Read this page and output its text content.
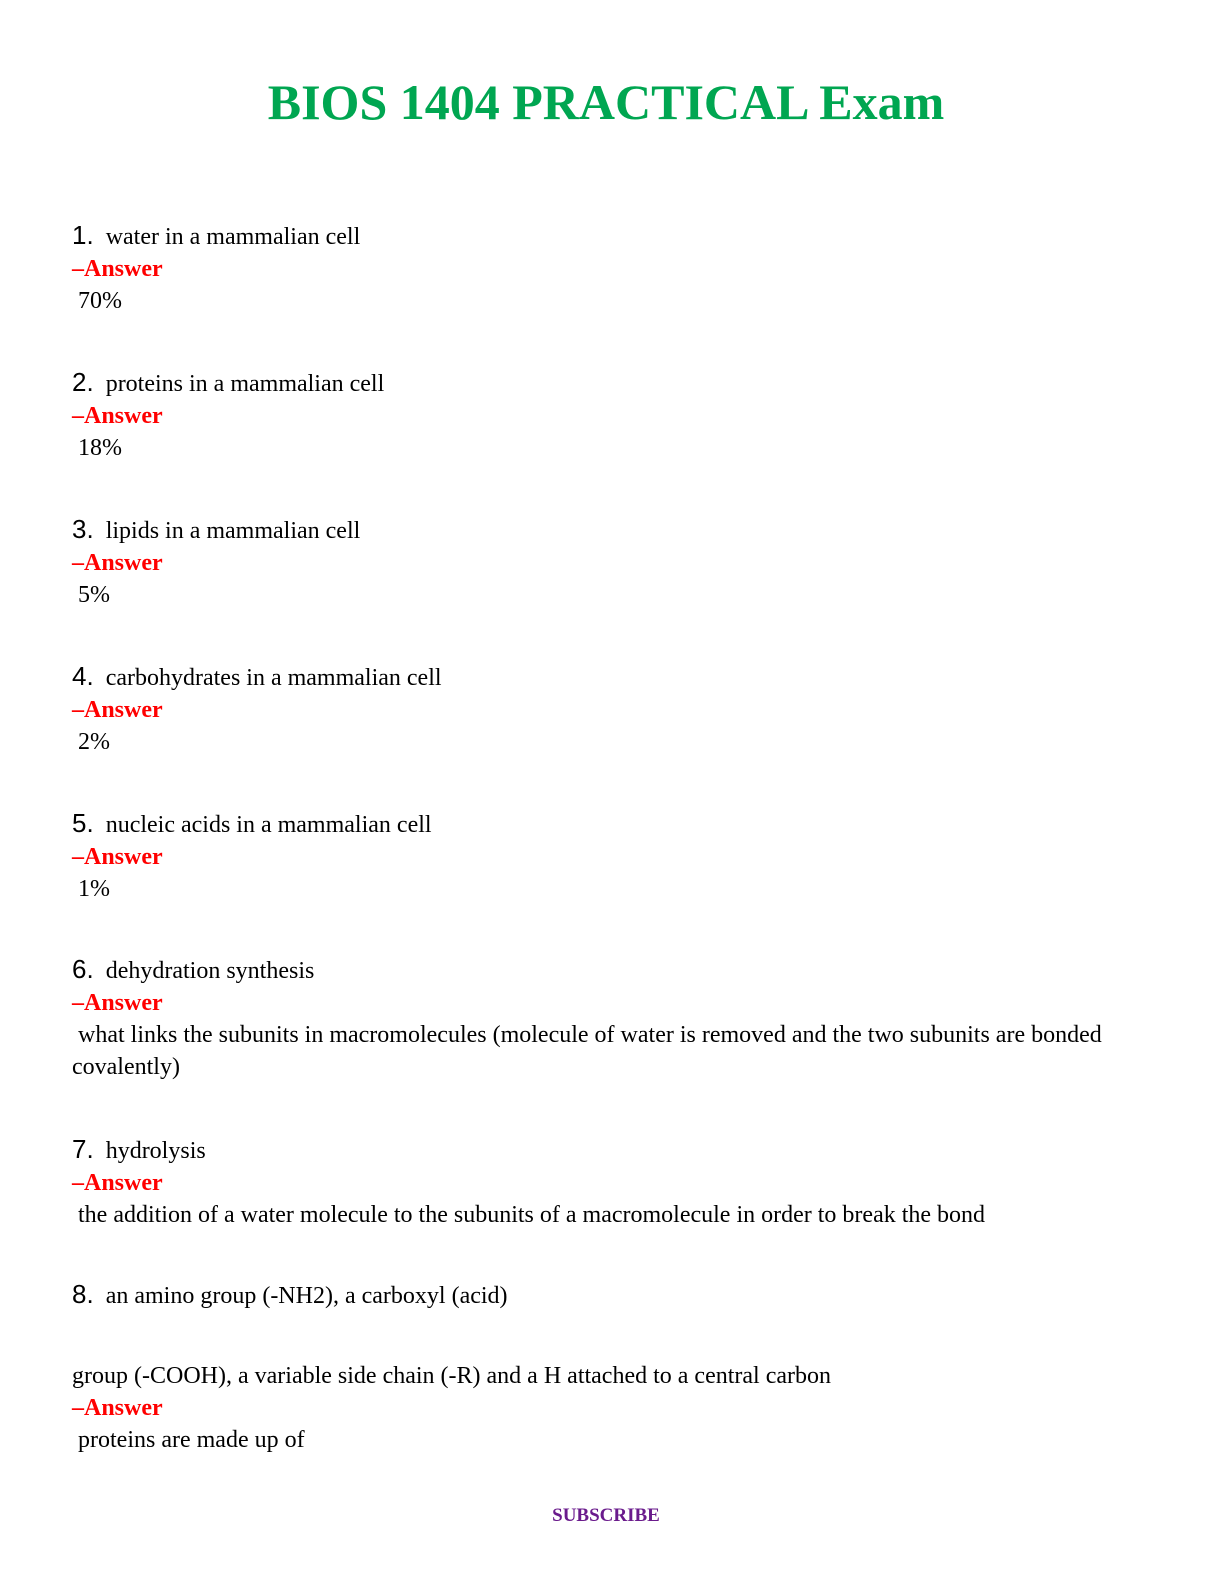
BIOS 1404 PRACTICAL Exam
1. water in a mammalian cell
–Answer
70%
2. proteins in a mammalian cell
–Answer
18%
3. lipids in a mammalian cell
–Answer
5%
4. carbohydrates in a mammalian cell
–Answer
2%
5. nucleic acids in a mammalian cell
–Answer
1%
6. dehydration synthesis
–Answer
what links the subunits in macromolecules (molecule of water is removed and the two subunits are bonded covalently)
7. hydrolysis
–Answer
the addition of a water molecule to the subunits of a macromolecule in order to break the bond
8. an amino group (-NH2), a carboxyl (acid)
group (-COOH), a variable side chain (-R) and a H attached to a central carbon
–Answer
proteins are made up of
SUBSCRIBE
